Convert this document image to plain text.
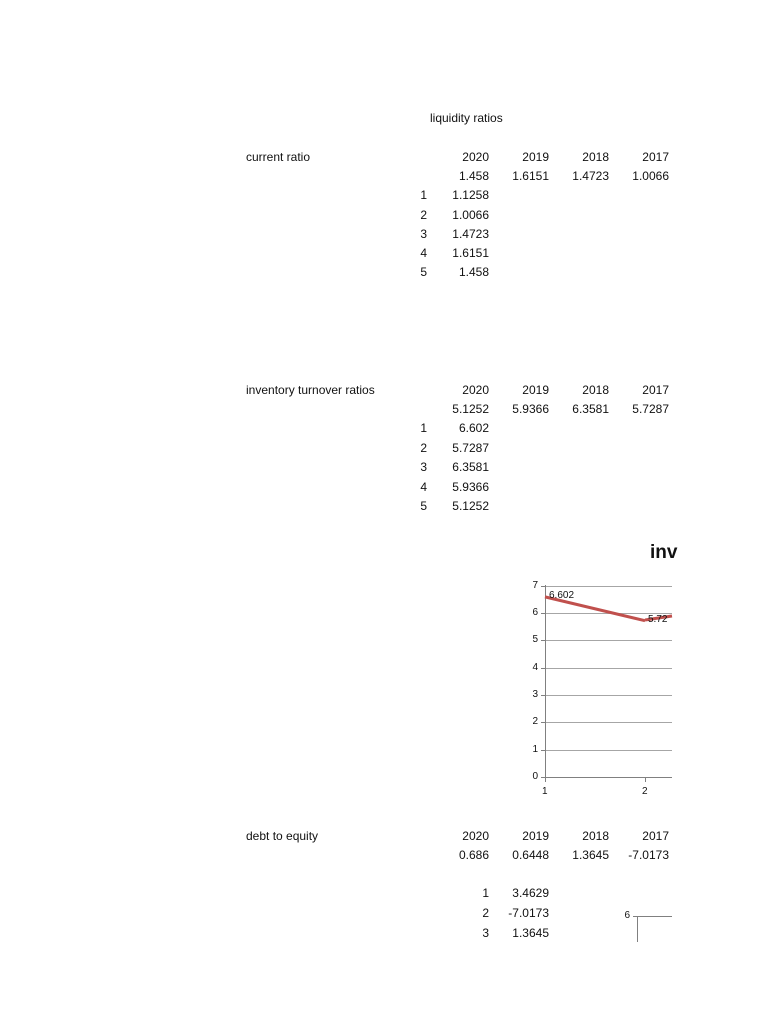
liquidity ratios
current ratio	2020	2019	2018	2017
1.458	1.6151	1.4723	1.0066
1	1.1258
2	1.0066
3	1.4723
4	1.6151
5	1.458
inventory turnover ratios	2020	2019	2018	2017
5.1252	5.9366	6.3581	5.7287
1	6.602
2	5.7287
3	6.3581
4	5.9366
5	5.1252
inv
7
6
5
4
3
2
1
0
1	2
6.602
5.72
debt to equity	2020	2019	2018	2017
0.686	0.6448	1.3645	-7.0173
1	3.4629
2	-7.0173
3	1.3645
6
